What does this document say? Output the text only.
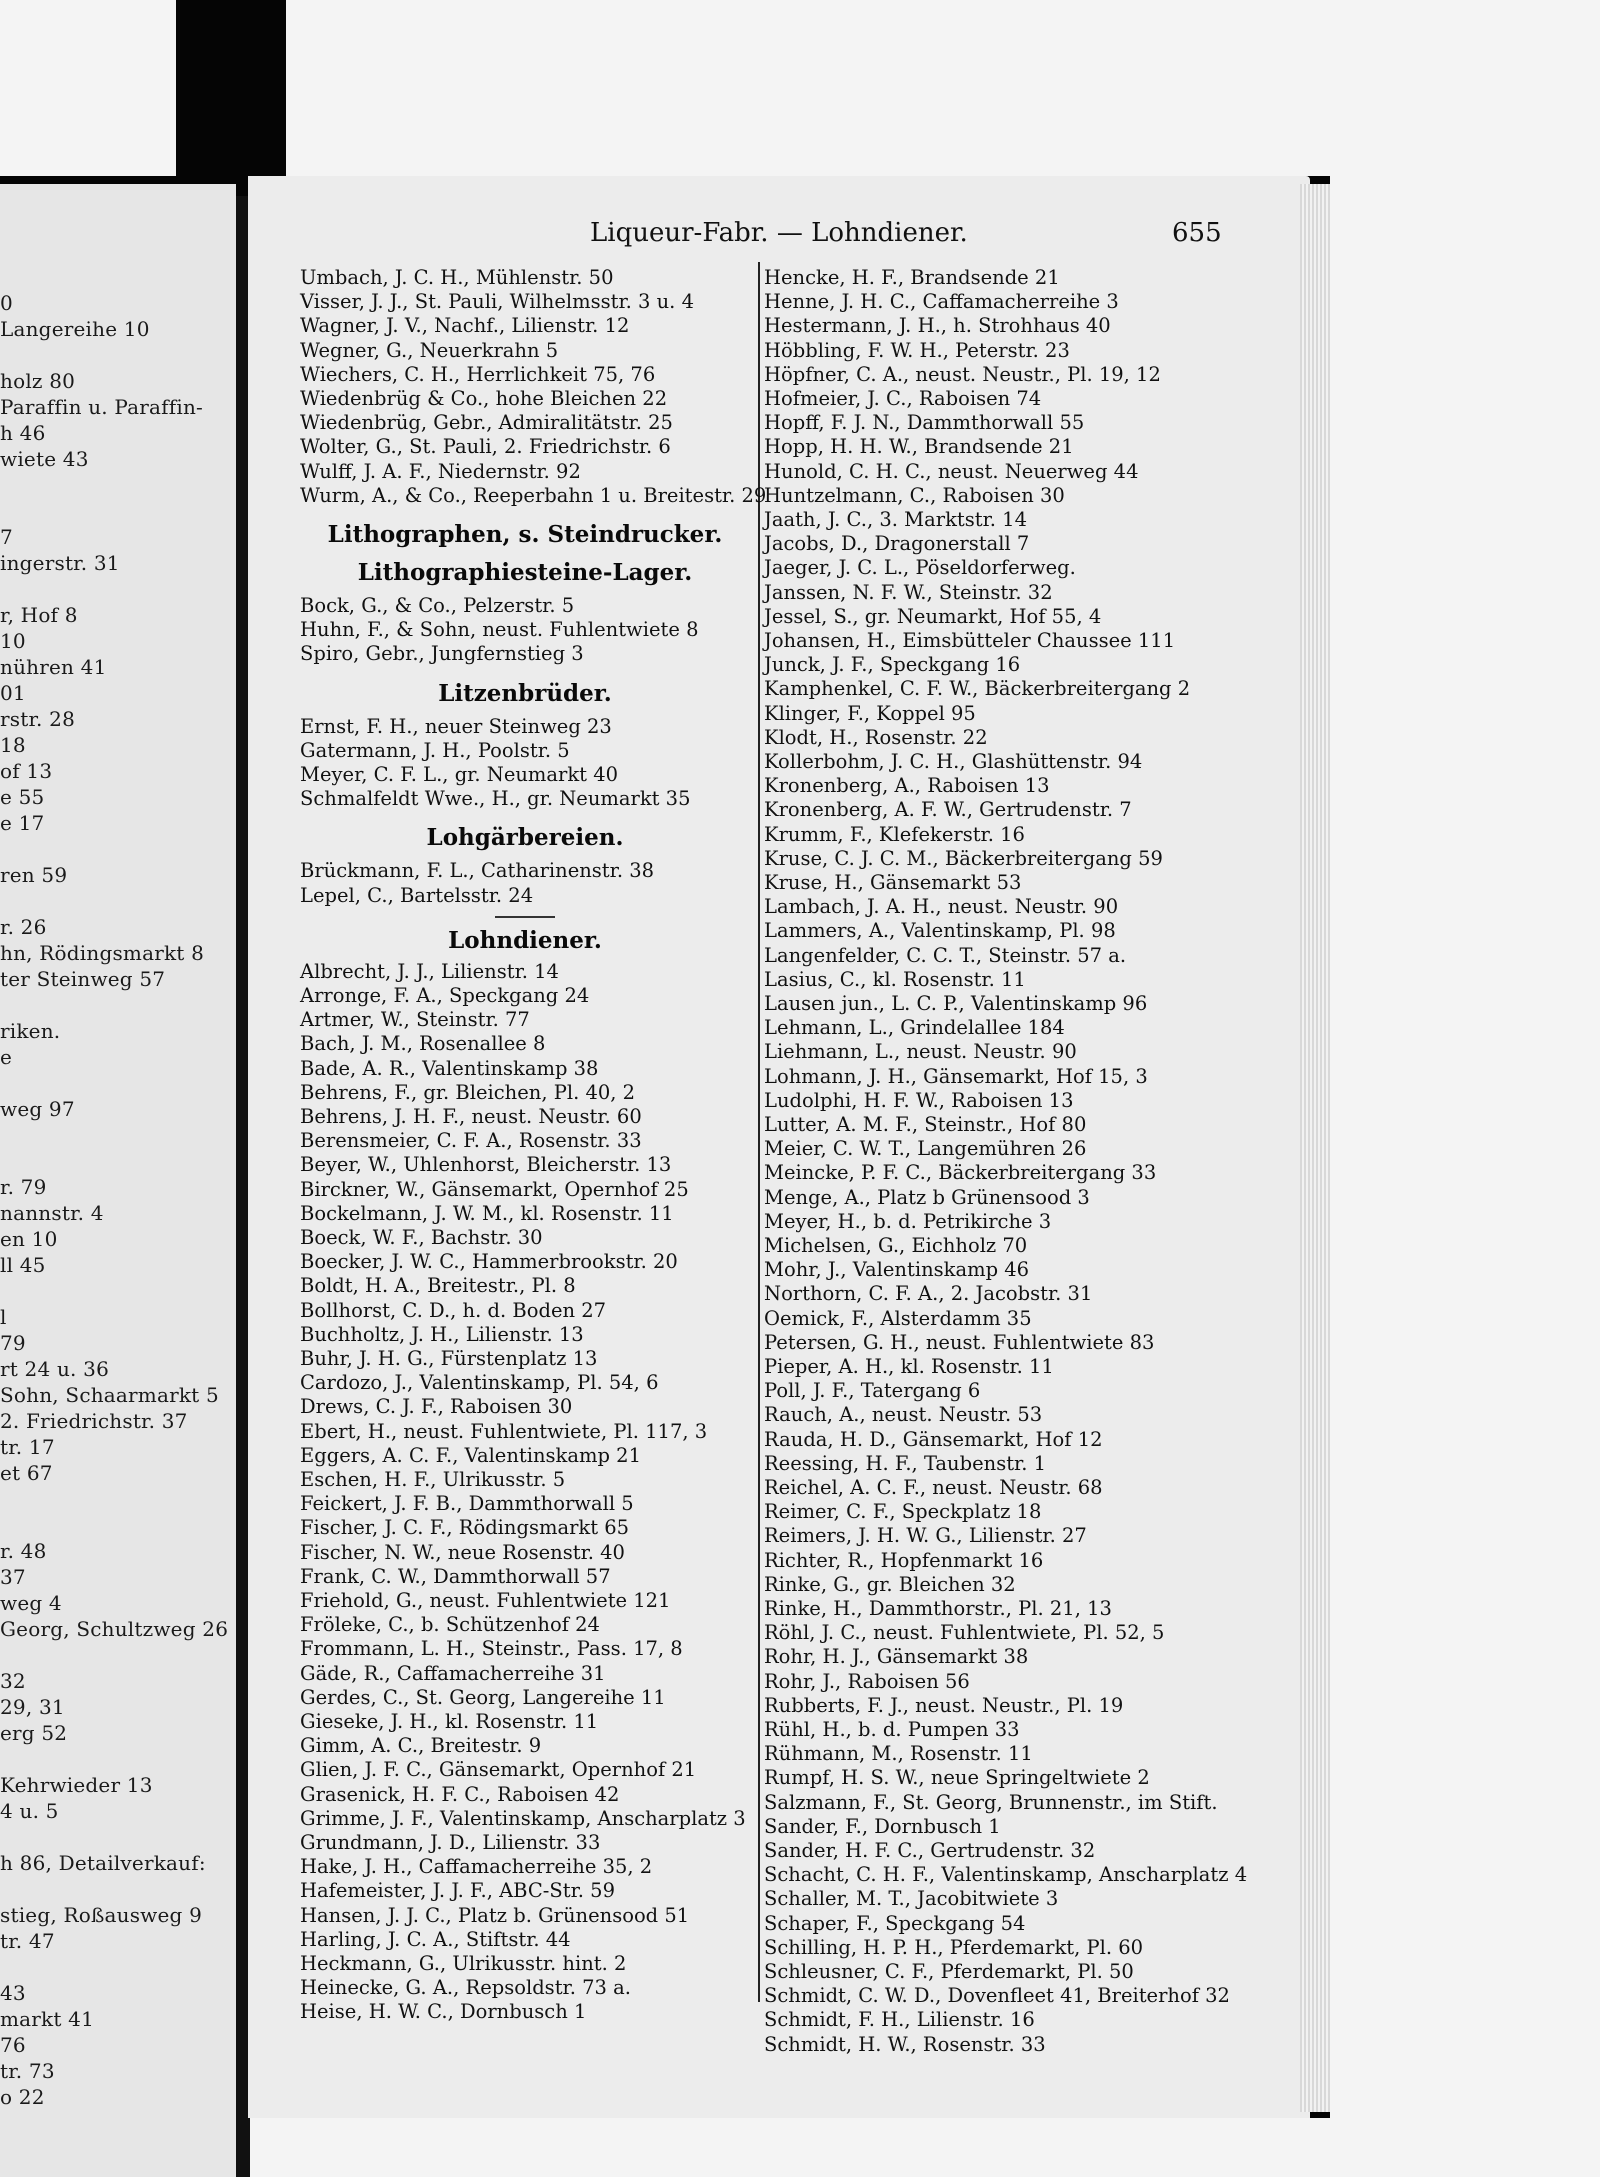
0
Langereihe 10
holz 80
Paraffin u. Paraffin-
h 46
wiete 43
7
ingerstr. 31
r, Hof 8
10
nühren 41
01
rstr. 28
18
of 13
e 55
e 17
ren 59
r. 26
hn, Rödingsmarkt 8
ter Steinweg 57
riken.
e
weg 97
r. 79
nannstr. 4
en 10
ll 45
l
79
rt 24 u. 36
Sohn, Schaarmarkt 5
2. Friedrichstr. 37
tr. 17
et 67
r. 48
37
weg 4
Georg, Schultzweg 26
32
29, 31
erg 52
Kehrwieder 13
4 u. 5
h 86, Detailverkauf:
stieg, Roßausweg 9
tr. 47
43
markt 41
76
tr. 73
o 22
Liqueur-Fabr. — Lohndiener.	655
Umbach, J. C. H., Mühlenstr. 50
Visser, J. J., St. Pauli, Wilhelmsstr. 3 u. 4
Wagner, J. V., Nachf., Lilienstr. 12
Wegner, G., Neuerkrahn 5
Wiechers, C. H., Herrlichkeit 75, 76
Wiedenbrüg & Co., hohe Bleichen 22
Wiedenbrüg, Gebr., Admiralitätstr. 25
Wolter, G., St. Pauli, 2. Friedrichstr. 6
Wulff, J. A. F., Niedernstr. 92
Wurm, A., & Co., Reeperbahn 1 u. Breitestr. 29
Lithographen, s. Steindrucker.
Lithographiesteine-Lager.
Bock, G., & Co., Pelzerstr. 5
Huhn, F., & Sohn, neust. Fuhlentwiete 8
Spiro, Gebr., Jungfernstieg 3
Litzenbrüder.
Ernst, F. H., neuer Steinweg 23
Gatermann, J. H., Poolstr. 5
Meyer, C. F. L., gr. Neumarkt 40
Schmalfeldt Wwe., H., gr. Neumarkt 35
Lohgärbereien.
Brückmann, F. L., Catharinenstr. 38
Lepel, C., Bartelsstr. 24
Lohndiener.
Albrecht, J. J., Lilienstr. 14
Arronge, F. A., Speckgang 24
Artmer, W., Steinstr. 77
Bach, J. M., Rosenallee 8
Bade, A. R., Valentinskamp 38
Behrens, F., gr. Bleichen, Pl. 40, 2
Behrens, J. H. F., neust. Neustr. 60
Berensmeier, C. F. A., Rosenstr. 33
Beyer, W., Uhlenhorst, Bleicherstr. 13
Birckner, W., Gänsemarkt, Opernhof 25
Bockelmann, J. W. M., kl. Rosenstr. 11
Boeck, W. F., Bachstr. 30
Boecker, J. W. C., Hammerbrookstr. 20
Boldt, H. A., Breitestr., Pl. 8
Bollhorst, C. D., h. d. Boden 27
Buchholtz, J. H., Lilienstr. 13
Buhr, J. H. G., Fürstenplatz 13
Cardozo, J., Valentinskamp, Pl. 54, 6
Drews, C. J. F., Raboisen 30
Ebert, H., neust. Fuhlentwiete, Pl. 117, 3
Eggers, A. C. F., Valentinskamp 21
Eschen, H. F., Ulrikusstr. 5
Feickert, J. F. B., Dammthorwall 5
Fischer, J. C. F., Rödingsmarkt 65
Fischer, N. W., neue Rosenstr. 40
Frank, C. W., Dammthorwall 57
Friehold, G., neust. Fuhlentwiete 121
Fröleke, C., b. Schützenhof 24
Frommann, L. H., Steinstr., Pass. 17, 8
Gäde, R., Caffamacherreihe 31
Gerdes, C., St. Georg, Langereihe 11
Gieseke, J. H., kl. Rosenstr. 11
Gimm, A. C., Breitestr. 9
Glien, J. F. C., Gänsemarkt, Opernhof 21
Grasenick, H. F. C., Raboisen 42
Grimme, J. F., Valentinskamp, Anscharplatz 3
Grundmann, J. D., Lilienstr. 33
Hake, J. H., Caffamacherreihe 35, 2
Hafemeister, J. J. F., ABC-Str. 59
Hansen, J. J. C., Platz b. Grünensood 51
Harling, J. C. A., Stiftstr. 44
Heckmann, G., Ulrikusstr. hint. 2
Heinecke, G. A., Repsoldstr. 73 a.
Heise, H. W. C., Dornbusch 1
Hencke, H. F., Brandsende 21
Henne, J. H. C., Caffamacherreihe 3
Hestermann, J. H., h. Strohhaus 40
Höbbling, F. W. H., Peterstr. 23
Höpfner, C. A., neust. Neustr., Pl. 19, 12
Hofmeier, J. C., Raboisen 74
Hopff, F. J. N., Dammthorwall 55
Hopp, H. H. W., Brandsende 21
Hunold, C. H. C., neust. Neuerweg 44
Huntzelmann, C., Raboisen 30
Jaath, J. C., 3. Marktstr. 14
Jacobs, D., Dragonerstall 7
Jaeger, J. C. L., Pöseldorferweg.
Janssen, N. F. W., Steinstr. 32
Jessel, S., gr. Neumarkt, Hof 55, 4
Johansen, H., Eimsbütteler Chaussee 111
Junck, J. F., Speckgang 16
Kamphenkel, C. F. W., Bäckerbreitergang 2
Klinger, F., Koppel 95
Klodt, H., Rosenstr. 22
Kollerbohm, J. C. H., Glashüttenstr. 94
Kronenberg, A., Raboisen 13
Kronenberg, A. F. W., Gertrudenstr. 7
Krumm, F., Klefekerstr. 16
Kruse, C. J. C. M., Bäckerbreitergang 59
Kruse, H., Gänsemarkt 53
Lambach, J. A. H., neust. Neustr. 90
Lammers, A., Valentinskamp, Pl. 98
Langenfelder, C. C. T., Steinstr. 57 a.
Lasius, C., kl. Rosenstr. 11
Lausen jun., L. C. P., Valentinskamp 96
Lehmann, L., Grindelallee 184
Liehmann, L., neust. Neustr. 90
Lohmann, J. H., Gänsemarkt, Hof 15, 3
Ludolphi, H. F. W., Raboisen 13
Lutter, A. M. F., Steinstr., Hof 80
Meier, C. W. T., Langemühren 26
Meincke, P. F. C., Bäckerbreitergang 33
Menge, A., Platz b Grünensood 3
Meyer, H., b. d. Petrikirche 3
Michelsen, G., Eichholz 70
Mohr, J., Valentinskamp 46
Northorn, C. F. A., 2. Jacobstr. 31
Oemick, F., Alsterdamm 35
Petersen, G. H., neust. Fuhlentwiete 83
Pieper, A. H., kl. Rosenstr. 11
Poll, J. F., Tatergang 6
Rauch, A., neust. Neustr. 53
Rauda, H. D., Gänsemarkt, Hof 12
Reessing, H. F., Taubenstr. 1
Reichel, A. C. F., neust. Neustr. 68
Reimer, C. F., Speckplatz 18
Reimers, J. H. W. G., Lilienstr. 27
Richter, R., Hopfenmarkt 16
Rinke, G., gr. Bleichen 32
Rinke, H., Dammthorstr., Pl. 21, 13
Röhl, J. C., neust. Fuhlentwiete, Pl. 52, 5
Rohr, H. J., Gänsemarkt 38
Rohr, J., Raboisen 56
Rubberts, F. J., neust. Neustr., Pl. 19
Rühl, H., b. d. Pumpen 33
Rühmann, M., Rosenstr. 11
Rumpf, H. S. W., neue Springeltwiete 2
Salzmann, F., St. Georg, Brunnenstr., im Stift.
Sander, F., Dornbusch 1
Sander, H. F. C., Gertrudenstr. 32
Schacht, C. H. F., Valentinskamp, Anscharplatz 4
Schaller, M. T., Jacobitwiete 3
Schaper, F., Speckgang 54
Schilling, H. P. H., Pferdemarkt, Pl. 60
Schleusner, C. F., Pferdemarkt, Pl. 50
Schmidt, C. W. D., Dovenfleet 41, Breiterhof 32
Schmidt, F. H., Lilienstr. 16
Schmidt, H. W., Rosenstr. 33
